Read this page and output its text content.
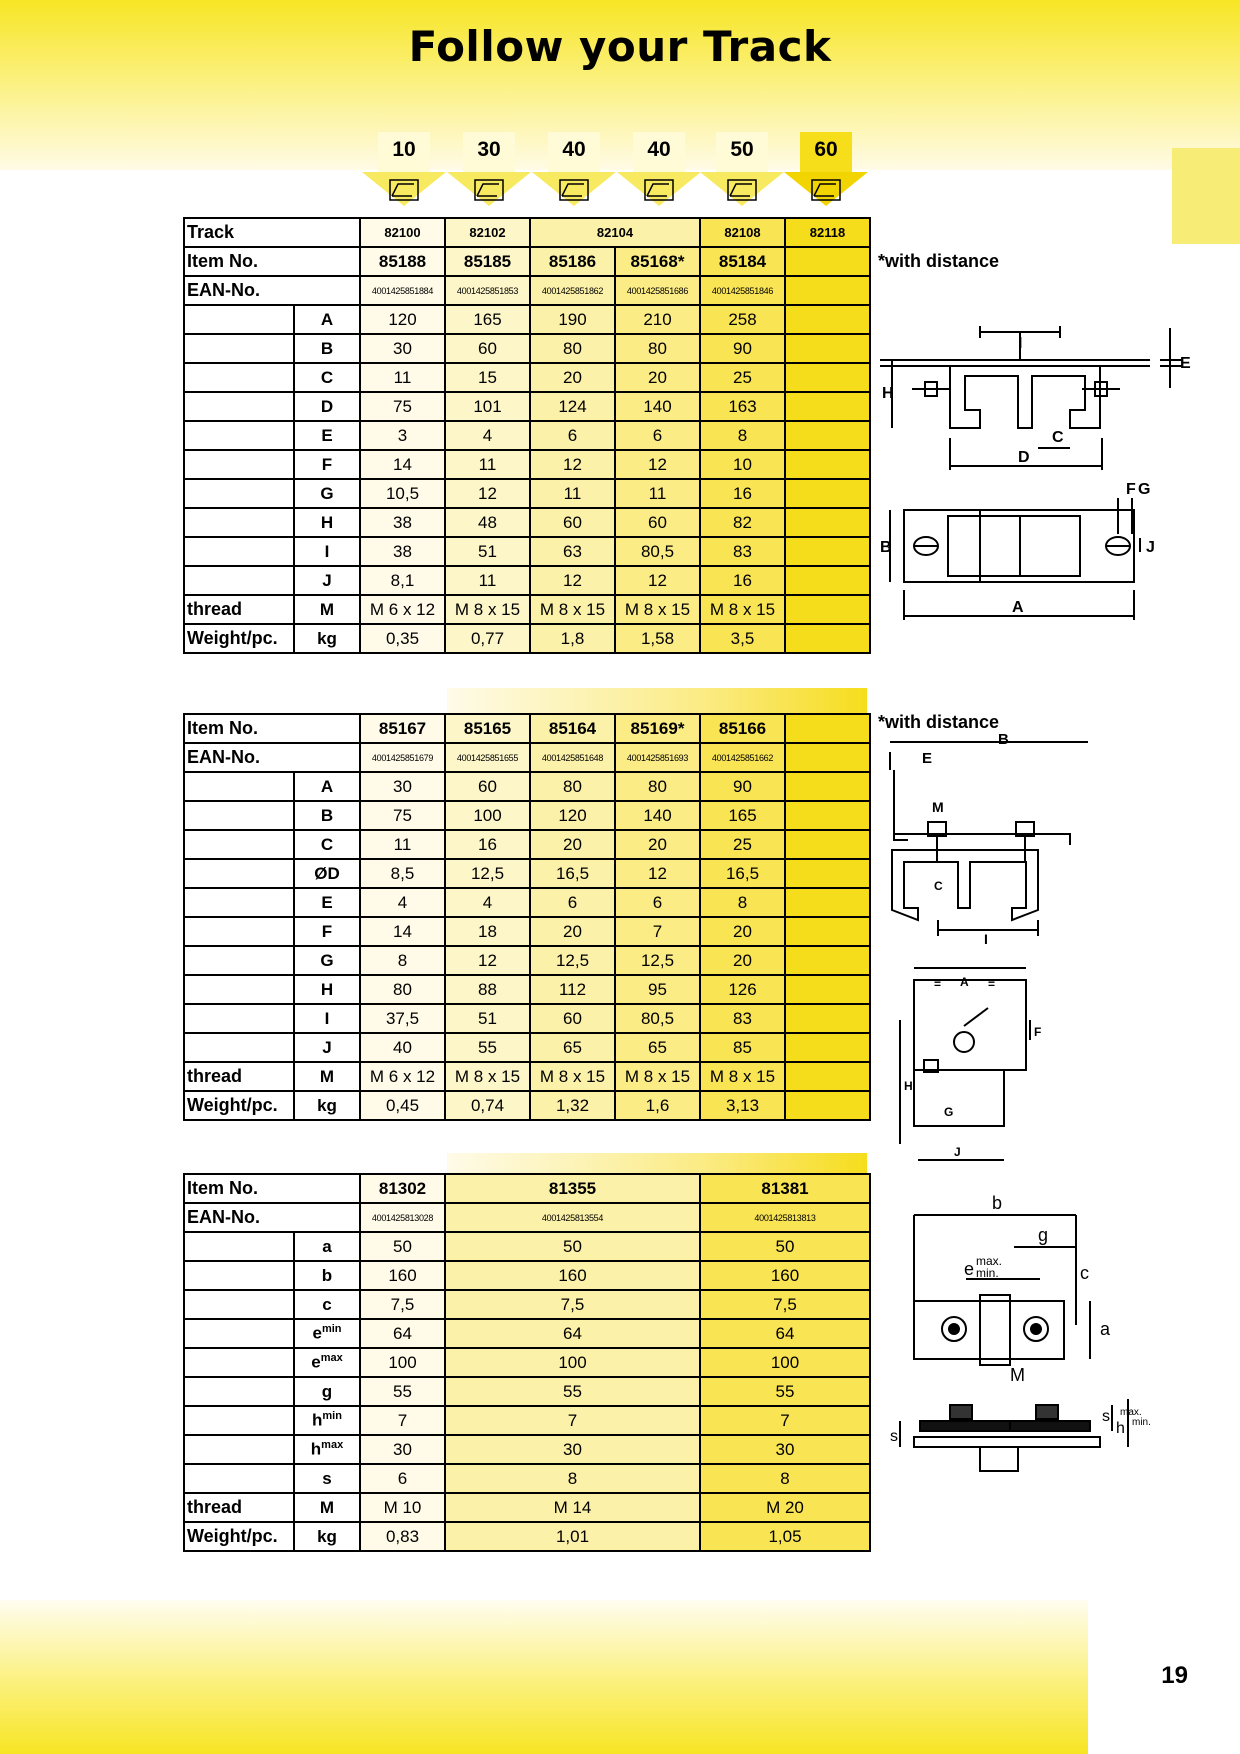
19
Follow your Track
10	30	40	40	50	60
Track		82100	82102	82104		82108	82118
Item No.		85188	85185	85186	85168*	85184	
EAN-No.		4001425851884	4001425851853	4001425851862	4001425851686	4001425851846	
	A	120	165	190	210	258	
	B	30	60	80	80	90	
	C	11	15	20	20	25	
	D	75	101	124	140	163	
	E	3	4	6	6	8	
	F	14	11	12	12	10	
	G	10,5	12	11	11	16	
	H	38	48	60	60	82	
	I	38	51	63	80,5	83	
	J	8,1	11	12	12	16	
thread	M	M 6 x 12	M 8 x 15	M 8 x 15	M 8 x 15	M 8 x 15	
Weight/pc.	kg	0,35	0,77	1,8	1,58	3,5	
Item No.		85167	85165	85164	85169*	85166	
EAN-No.		4001425851679	4001425851655	4001425851648	4001425851693	4001425851662	
	A	30	60	80	80	90	
	B	75	100	120	140	165	
	C	11	16	20	20	25	
	ØD	8,5	12,5	16,5	12	16,5	
	E	4	4	6	6	8	
	F	14	18	20	7	20	
	G	8	12	12,5	12,5	20	
	H	80	88	112	95	126	
	I	37,5	51	60	80,5	83	
	J	40	55	65	65	85	
thread	M	M 6 x 12	M 8 x 15	M 8 x 15	M 8 x 15	M 8 x 15	
Weight/pc.	kg	0,45	0,74	1,32	1,6	3,13	
Item No.		81302	81355	81381
EAN-No.		4001425813028	4001425813554	4001425813813
	a	50	50	50
	b	160	160	160
	c	7,5	7,5	7,5
	$e^{min}$	64	64	64
	$e^{max}$	100	100	100
	g	55	55	55
	$h^{min}$	7	7	7
	$h^{max}$	30	30	30
	s	6	8	8
thread	M	M 10	M 14	M 20
Weight/pc.	kg	0,83	1,01	1,05
*with distance
*with distance
I
E
H
C
D
F G
B	J
A
B
E
M
C
I
A
=	=
F
H
G
J
b
g
e max.
min.	c
a
M
s
s
h
max.
min.
